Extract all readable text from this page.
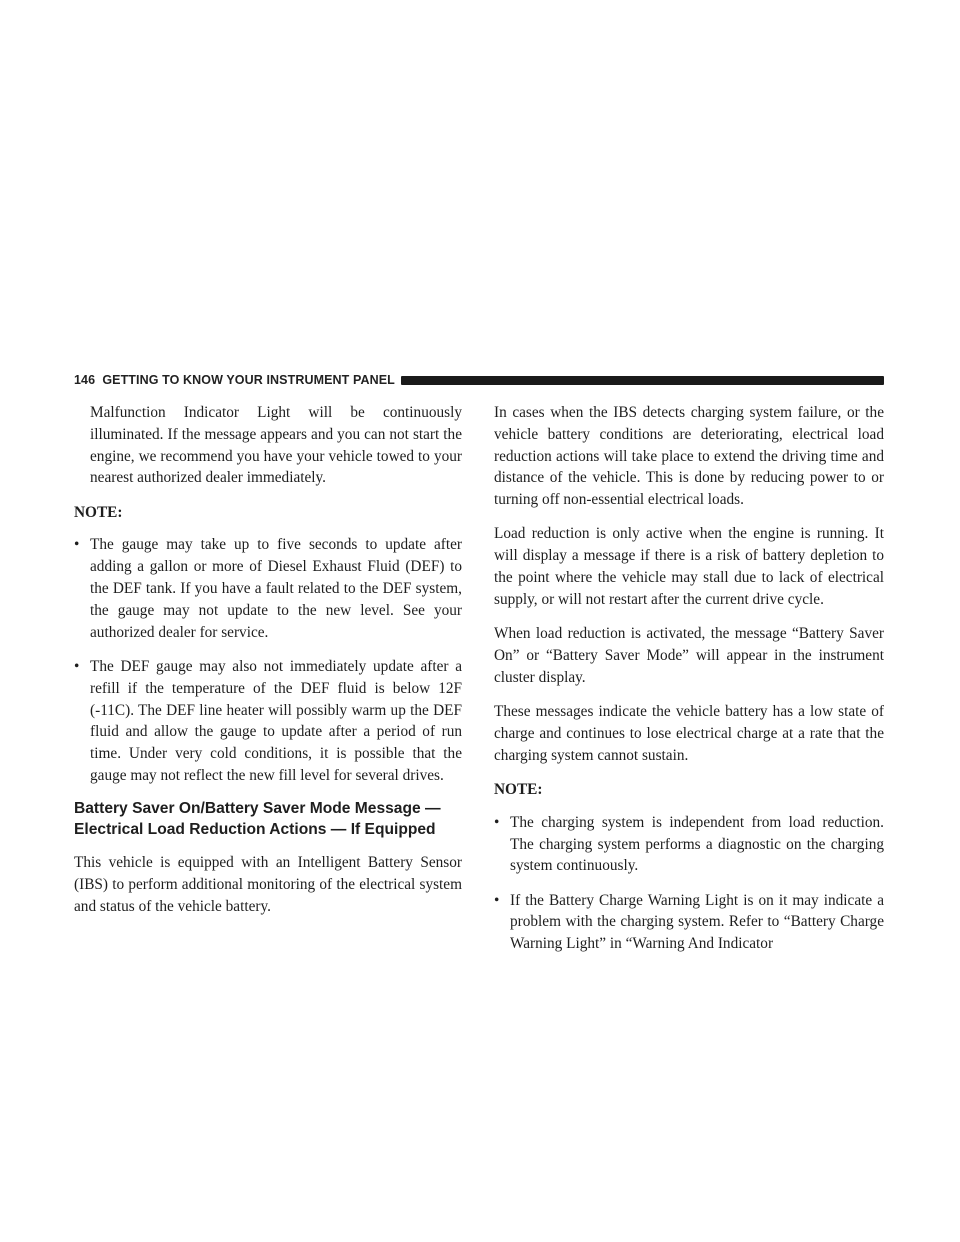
146 GETTING TO KNOW YOUR INSTRUMENT PANEL

Malfunction Indicator Light will be continuously illuminated. If the message appears and you can not start the engine, we recommend you have your vehicle towed to your nearest authorized dealer immediately.

NOTE:

• The gauge may take up to five seconds to update after adding a gallon or more of Diesel Exhaust Fluid (DEF) to the DEF tank. If you have a fault related to the DEF system, the gauge may not update to the new level. See your authorized dealer for service.
• The DEF gauge may also not immediately update after a refill if the temperature of the DEF fluid is below 12F (-11C). The DEF line heater will possibly warm up the DEF fluid and allow the gauge to update after a period of run time. Under very cold conditions, it is possible that the gauge may not reflect the new fill level for several drives.
Battery Saver On/Battery Saver Mode Message — Electrical Load Reduction Actions — If Equipped

This vehicle is equipped with an Intelligent Battery Sensor (IBS) to perform additional monitoring of the electrical system and status of the vehicle battery.

In cases when the IBS detects charging system failure, or the vehicle battery conditions are deteriorating, electrical load reduction actions will take place to extend the driving time and distance of the vehicle. This is done by reducing power to or turning off non-essential electrical loads.

Load reduction is only active when the engine is running. It will display a message if there is a risk of battery depletion to the point where the vehicle may stall due to lack of electrical supply, or will not restart after the current drive cycle.

When load reduction is activated, the message “Battery Saver On” or “Battery Saver Mode” will appear in the instrument cluster display.

These messages indicate the vehicle battery has a low state of charge and continues to lose electrical charge at a rate that the charging system cannot sustain.

NOTE:

• The charging system is independent from load reduction. The charging system performs a diagnostic on the charging system continuously.
• If the Battery Charge Warning Light is on it may indicate a problem with the charging system. Refer to “Battery Charge Warning Light” in “Warning And Indicator
